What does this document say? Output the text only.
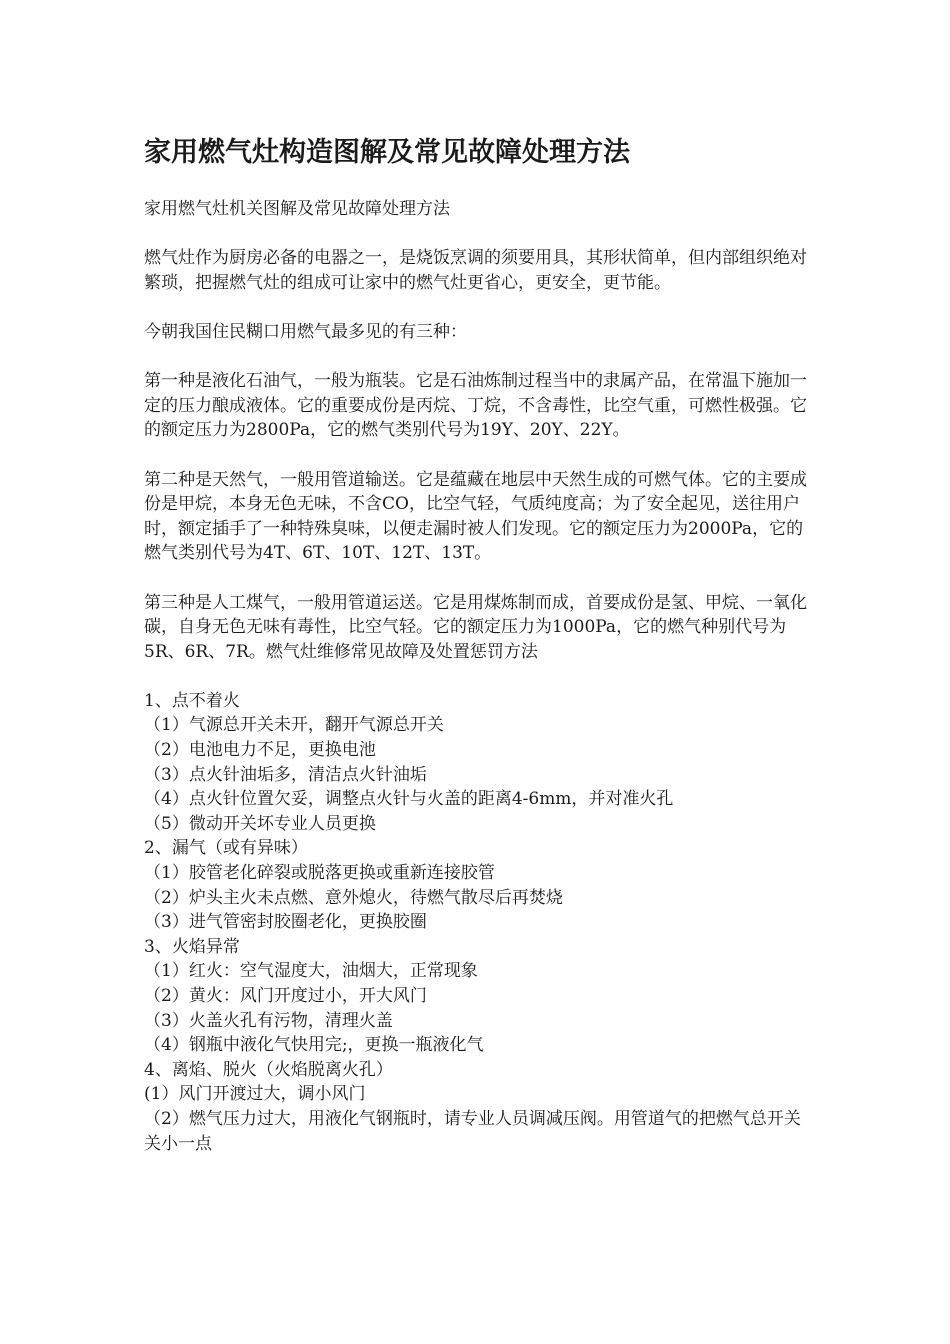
家用燃气灶构造图解及常见故障处理方法

家用燃气灶机关图解及常见故障处理方法

燃气灶作为厨房必备的电器之一，是烧饭烹调的须要用具，其形状简单，但内部组织绝对繁琐，把握燃气灶的组成可让家中的燃气灶更省心，更安全，更节能。

今朝我国住民糊口用燃气最多见的有三种：

第一种是液化石油气，一般为瓶装。它是石油炼制过程当中的隶属产品，在常温下施加一定的压力酿成液体。它的重要成份是丙烷、丁烷，不含毒性，比空气重，可燃性极强。它的额定压力为2800Pa，它的燃气类别代号为19Y、20Y、22Y。

第二种是天然气，一般用管道输送。它是蕴藏在地层中天然生成的可燃气体。它的主要成份是甲烷，本身无色无味，不含CO，比空气轻，气质纯度高；为了安全起见，送往用户时，额定插手了一种特殊臭味，以便走漏时被人们发现。它的额定压力为2000Pa，它的燃气类别代号为4T、6T、10T、12T、13T。

第三种是人工煤气，一般用管道运送。它是用煤炼制而成，首要成份是氢、甲烷、一氧化碳，自身无色无味有毒性，比空气轻。它的额定压力为1000Pa，它的燃气种别代号为5R、6R、7R。燃气灶维修常见故障及处置惩罚方法

1、点不着火
（1）气源总开关未开，翻开气源总开关
（2）电池电力不足，更换电池
（3）点火针油垢多，清洁点火针油垢
（4）点火针位置欠妥，调整点火针与火盖的距离4-6mm，并对准火孔
（5）微动开关坏专业人员更换
2、漏气（或有异味）
（1）胶管老化碎裂或脱落更换或重新连接胶管
（2）炉头主火未点燃、意外熄火，待燃气散尽后再焚烧
（3）进气管密封胶圈老化，更换胶圈
3、火焰异常
（1）红火：空气湿度大，油烟大，正常现象
（2）黄火：风门开度过小，开大风门
（3）火盖火孔有污物，清理火盖
（4）钢瓶中液化气快用完;，更换一瓶液化气
4、离焰、脱火（火焰脱离火孔）
(1）风门开渡过大，调小风门
（2）燃气压力过大，用液化气钢瓶时，请专业人员调减压阀。用管道气的把燃气总开关关小一点
